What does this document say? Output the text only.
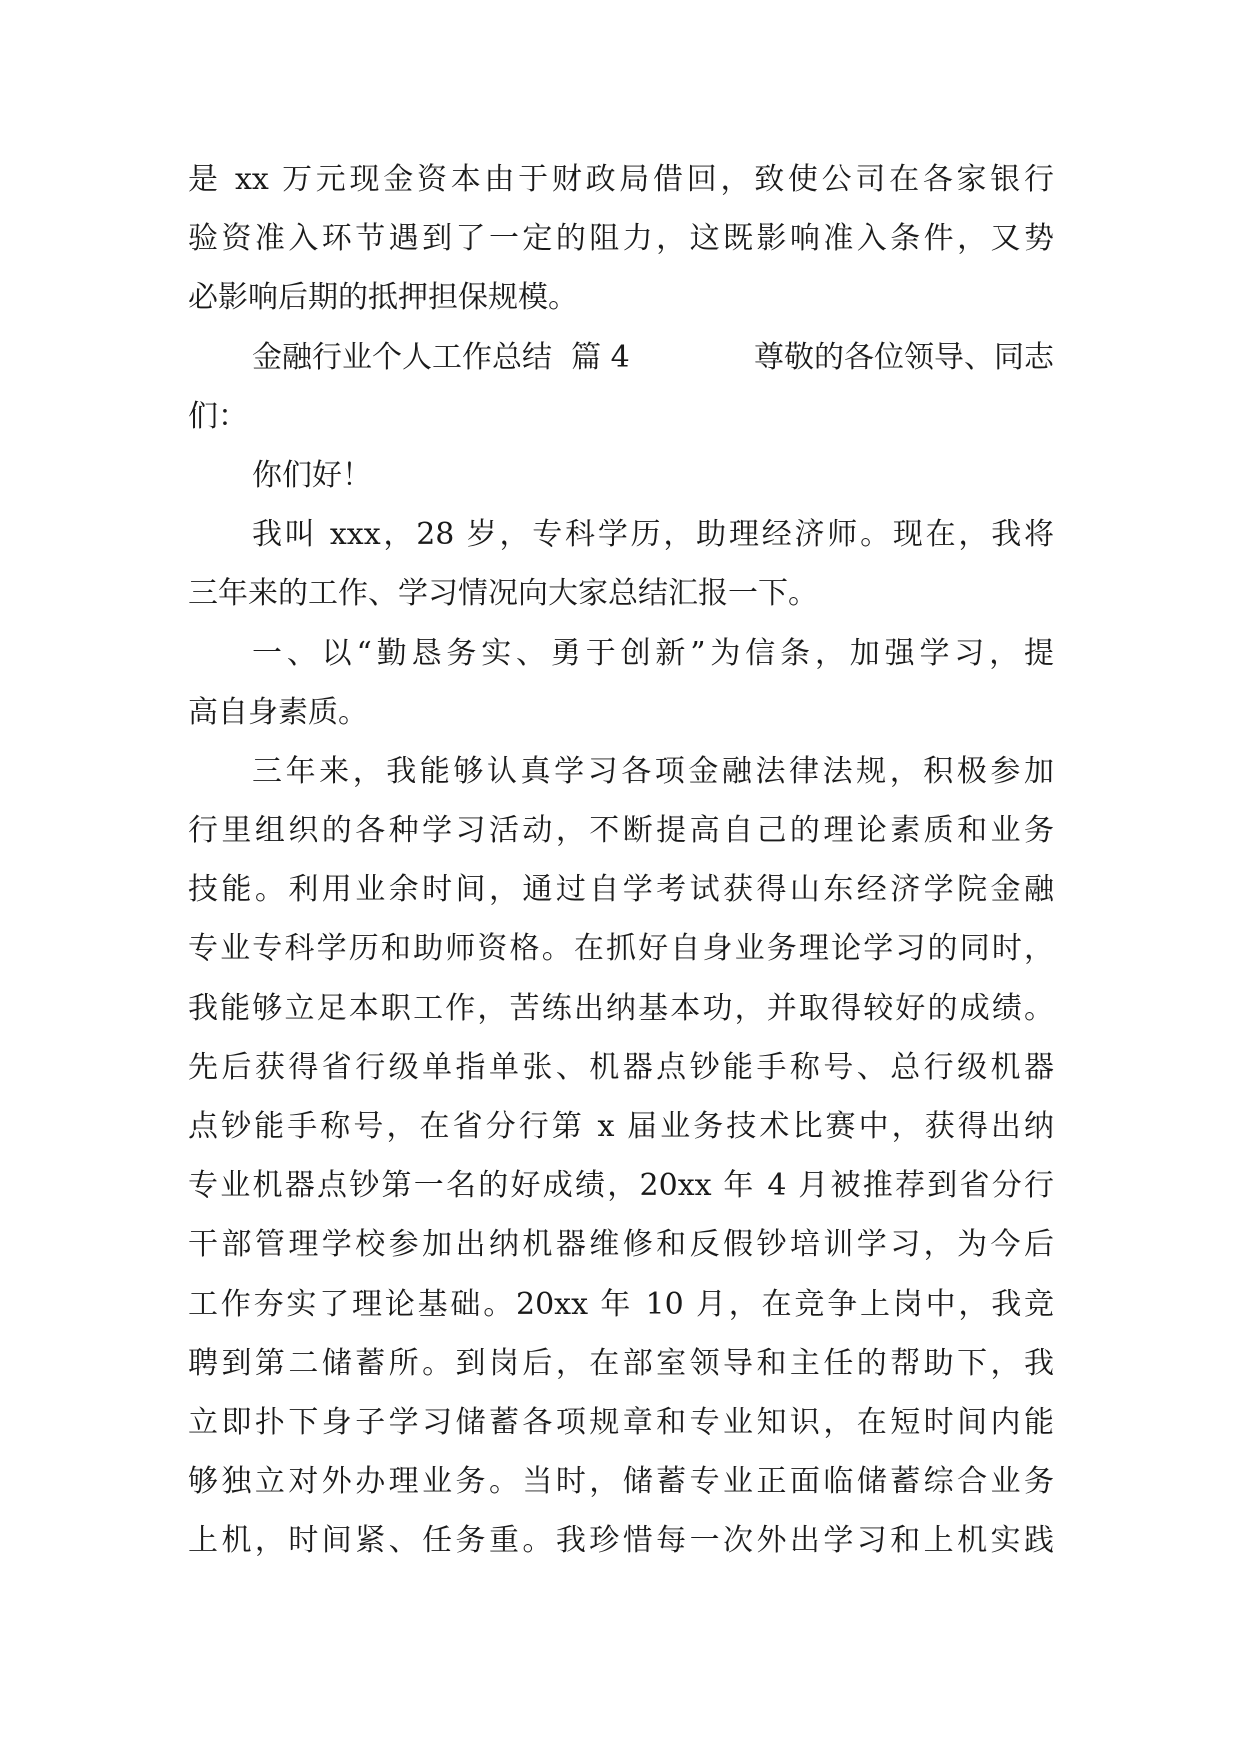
是 xx 万元现金资本由于财政局借回，致使公司在各家银行
验资准入环节遇到了一定的阻力，这既影响准入条件，又势
必影响后期的抵押担保规模。
金融行业个人工作总结 篇 4	尊敬的各位领导、同志
们：
你们好！
我叫 xxx，28 岁，专科学历，助理经济师。现在，我将
三年来的工作、学习情况向大家总结汇报一下。
一、以“勤恳务实、勇于创新”为信条，加强学习，提
高自身素质。
三年来，我能够认真学习各项金融法律法规，积极参加
行里组织的各种学习活动，不断提高自己的理论素质和业务
技能。利用业余时间，通过自学考试获得山东经济学院金融
专业专科学历和助师资格。在抓好自身业务理论学习的同时，
我能够立足本职工作，苦练出纳基本功，并取得较好的成绩。
先后获得省行级单指单张、机器点钞能手称号、总行级机器
点钞能手称号，在省分行第 x 届业务技术比赛中，获得出纳
专业机器点钞第一名的好成绩，20xx 年 4 月被推荐到省分行
干部管理学校参加出纳机器维修和反假钞培训学习，为今后
工作夯实了理论基础。20xx 年 10 月，在竞争上岗中，我竞
聘到第二储蓄所。到岗后，在部室领导和主任的帮助下，我
立即扑下身子学习储蓄各项规章和专业知识，在短时间内能
够独立对外办理业务。当时，储蓄专业正面临储蓄综合业务
上机，时间紧、任务重。我珍惜每一次外出学习和上机实践
